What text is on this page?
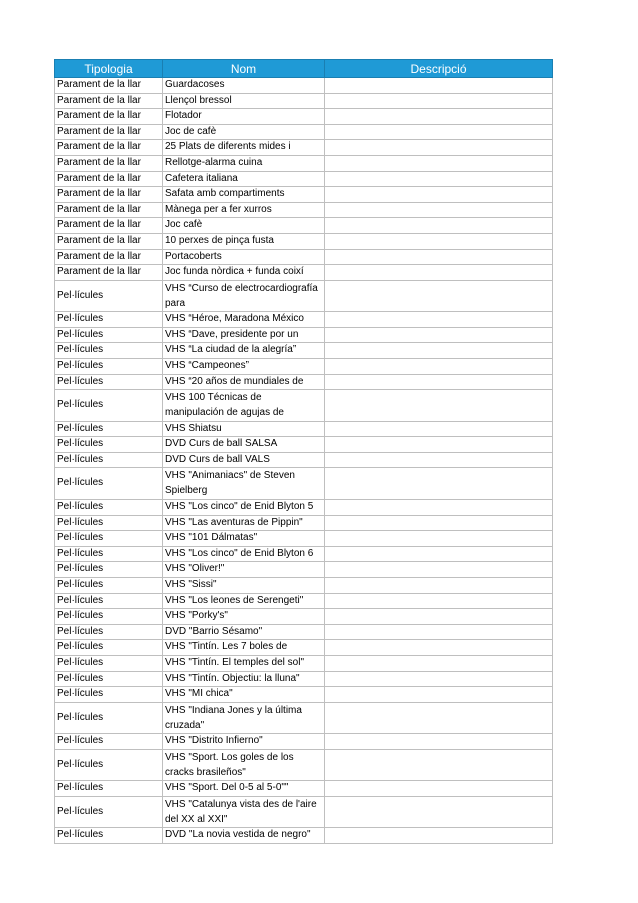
Tipologia	Nom	Descripció
Parament de la llar	Guardacoses	
Parament de la llar	Llençol bressol	
Parament de la llar	Flotador	
Parament de la llar	Joc de cafè	
Parament de la llar	25 Plats de diferents mides i	
Parament de la llar	Rellotge-alarma cuina	
Parament de la llar	Cafetera italiana	
Parament de la llar	Safata amb compartiments	
Parament de la llar	Mànega per a fer xurros	
Parament de la llar	Joc cafè	
Parament de la llar	10 perxes de pinça fusta	
Parament de la llar	Portacoberts	
Parament de la llar	Joc funda nòrdica + funda coixí	
Pel·lícules	VHS “Curso de electrocardiografía para	
Pel·lícules	VHS “Héroe, Maradona México	
Pel·lícules	VHS “Dave, presidente por un	
Pel·lícules	VHS “La ciudad de la alegría”	
Pel·lícules	VHS “Campeones”	
Pel·lícules	VHS “20 años de mundiales de	
Pel·lícules	VHS 100 Técnicas de manipulación de agujas de	
Pel·lícules	VHS Shiatsu	
Pel·lícules	DVD Curs de ball SALSA	
Pel·lícules	DVD Curs de ball VALS	
Pel·lícules	VHS "Animaniacs" de Steven Spielberg	
Pel·lícules	VHS "Los cinco" de Enid Blyton 5	
Pel·lícules	VHS "Las aventuras de Pippin"	
Pel·lícules	VHS "101 Dálmatas"	
Pel·lícules	VHS "Los cinco" de Enid Blyton 6	
Pel·lícules	VHS "Oliver!"	
Pel·lícules	VHS "Sissi"	
Pel·lícules	VHS "Los leones de Serengeti"	
Pel·lícules	VHS "Porky's"	
Pel·lícules	DVD "Barrio Sésamo"	
Pel·lícules	VHS "Tintín. Les 7 boles de	
Pel·lícules	VHS "Tintín. El temples del sol"	
Pel·lícules	VHS "Tintín. Objectiu: la lluna"	
Pel·lícules	VHS "MI chica"	
Pel·lícules	VHS "Indiana Jones y la última cruzada"	
Pel·lícules	VHS "Distrito Infierno"	
Pel·lícules	VHS "Sport. Los goles de los cracks brasileños"	
Pel·lícules	VHS "Sport. Del 0-5 al 5-0""	
Pel·lícules	VHS "Catalunya vista des de l'aire del XX al XXI"	
Pel·lícules	DVD "La novia vestida de negro"	
